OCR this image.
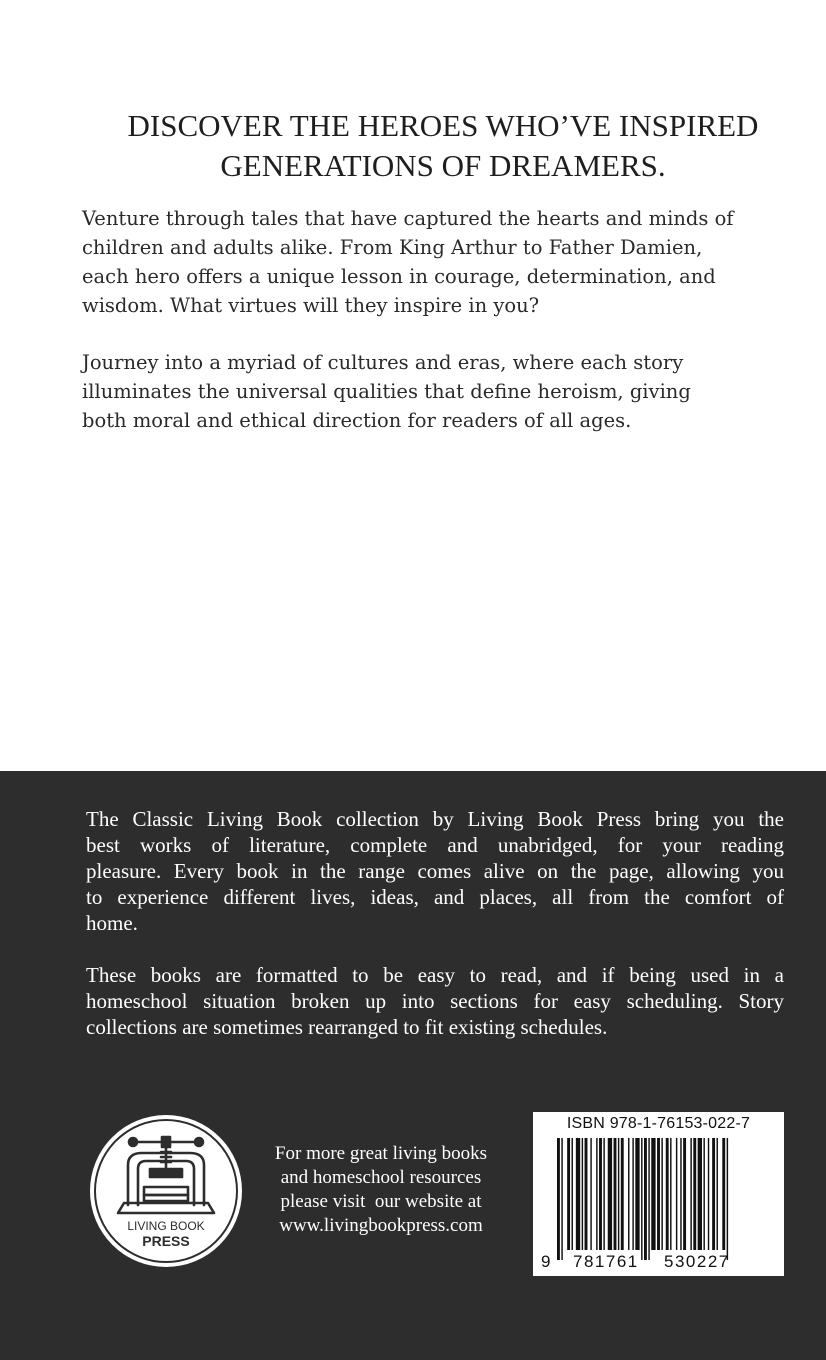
DISCOVER THE HEROES WHO’VE INSPIRED
GENERATIONS OF DREAMERS.
Venture through tales that have captured the hearts and minds of
children and adults alike. From King Arthur to Father Damien,
each hero offers a unique lesson in courage, determination, and
wisdom. What virtues will they inspire in you?
Journey into a myriad of cultures and eras, where each story
illuminates the universal qualities that define heroism, giving
both moral and ethical direction for readers of all ages.
The Classic Living Book collection by Living Book Press bring you the
best works of literature, complete and unabridged, for your reading
pleasure. Every book in the range comes alive on the page, allowing you
to experience different lives, ideas, and places, all from the comfort of
home.
These books are formatted to be easy to read, and if being used in a
homeschool situation broken up into sections for easy scheduling. Story
collections are sometimes rearranged to fit existing schedules.
LIVING BOOK
PRESS
For more great living books
and homeschool resources
please visit  our website at
www.livingbookpress.com
ISBN 978-1-76153-022-7
9 781761 530227
